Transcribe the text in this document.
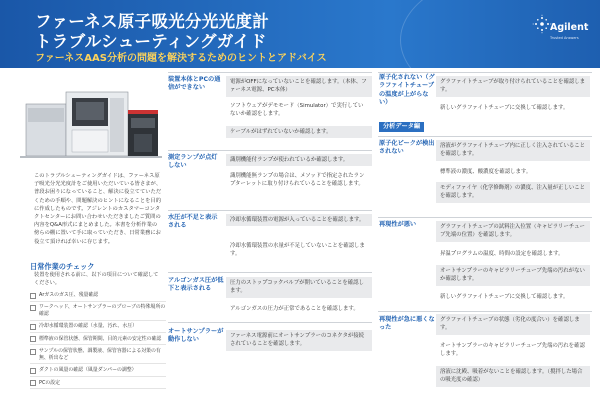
ファーネス原子吸光分光光度計
トラブルシューティングガイド
ファーネスAAS分析の問題を解決するためのヒントとアドバイス
Agilent
Trusted Answers
このトラブルシューティングガイドは、ファーネス原子吸光分光光度計をご使用いただいている皆さまが、普段お困りになっていること、解決に役立てていただくための手順や、問題解決のヒントになることを目的に作成したものです。アジレントのカスタマーコンタクトセンターにお問い合わせいただきましたご質問の内容をQ&A形式にまとめました。本書を分析作業の傍らの棚に置いて手に取っていただき、日常業務にお役立て頂ければ幸いに存じます。
日常作業のチェック
装置を使用される前に、以下の項目について確認してください。
Arガスのガス圧、残量確認
ワークヘッド、オートサンプラーのプローブの特殊場所の確認
冷却水循環装置の確認（水量、汚れ、水圧）
標準液の保管状態、保管期間、目的元素の安定性の確認
サンプルの保管状態、調製液、保管容器による対策の有無、析出など
ダクトの風量の確認（風量ダンパーの調整）
PCの設定
装置本体とPCの通信ができない
電源がOFFになっていないことを確認します。（本体、ファーネス電源、PC本体）
ソフトウェアがデモモード（Simulator）で実行していないか確認をします。
ケーブルがはずれていないか確認します。
測定ランプが点灯しない
識別機能付ランプが使われているか確認します。
識別機能無ランプの場合は、メソッドで指定されたランプターレットに取り付けられていることを確認します。
水圧が不足と表示される
冷却水循環装置の電源が入っていることを確認します。
冷却水循環装置の水量が不足していないことを確認します。
アルゴンガス圧が低下と表示される
圧力のストップコックバルブが開いていることを確認します。
アルゴンガスの圧力が正常であることを確認します。
オートサンプラーが動作しない
ファーネス電源前にオートサンプラーのコネクタが接続されていることを確認します。
原子化されない（グラファイトチューブの温度が上がらない）
グラファイトチューブが取り付けられていることを確認します。
新しいグラファイトチューブに交換して確認します。
分析データ編
原子化ピークが検出されない
溶液がグラファイトチューブ内に正しく注入されていることを確認します。
標準液の濃度、酸濃度を確認します。
モディファイヤ（化学修飾剤）の濃度、注入量が正しいことを確認します。
再現性が悪い	グラファイトチューブの試料注入位置（キャピラリーチューブ先端の位置）を確認します。
昇温プログラムの温度、時間の設定を確認します。
オートサンプラーのキャピラリーチューブ先端の汚れがないか確認します。
新しいグラファイトチューブに交換して確認します。
再現性が急に悪くなった
グラファイトチューブの状態（劣化の度合い）を確認します。
オートサンプラーのキャピラリーチューブ先端の汚れを確認します。
溶液に沈殿、吸着がないことを確認します。（撹拌した場合の吸光度の確認）
